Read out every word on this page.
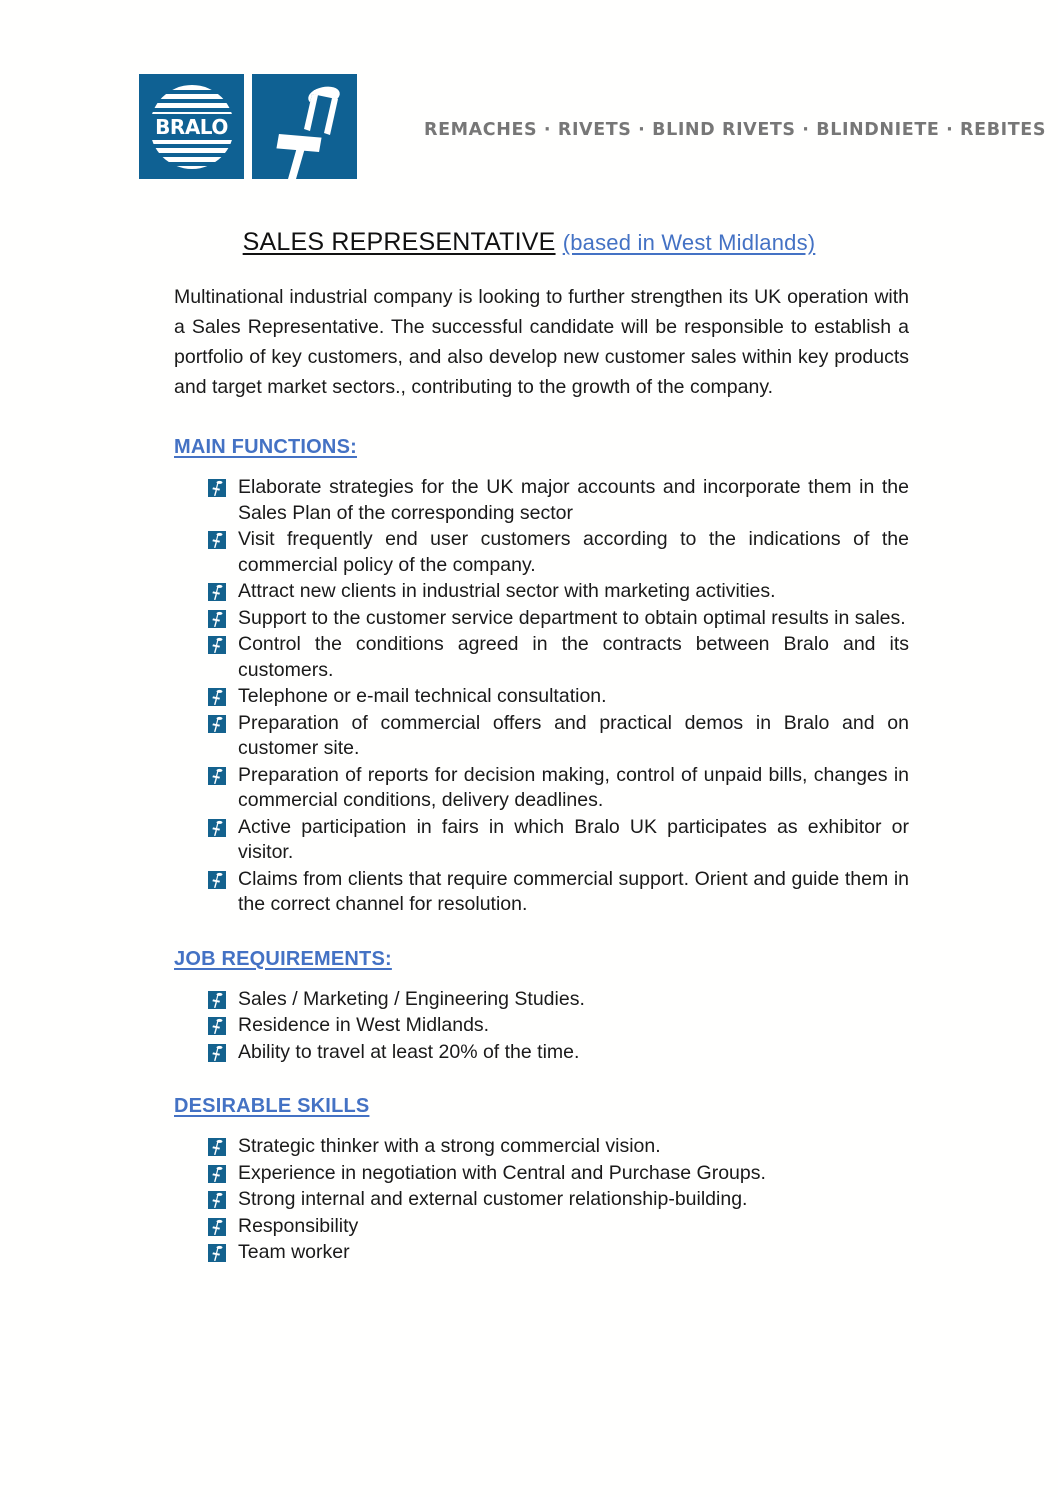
BRALO	REMACHES · RIVETS · BLIND RIVETS · BLINDNIETE · REBITES
SALES REPRESENTATIVE (based in West Midlands)

Multinational industrial company is looking to further strengthen its UK operation with a Sales Representative. The successful candidate will be responsible to establish a portfolio of key customers, and also develop new customer sales within key products and target market sectors., contributing to the growth of the company.

MAIN FUNCTIONS:
Elaborate strategies for the UK major accounts and incorporate them in the Sales Plan of the corresponding sector
Visit frequently end user customers according to the indications of the commercial policy of the company.
Attract new clients in industrial sector with marketing activities.
Support to the customer service department to obtain optimal results in sales.
Control the conditions agreed in the contracts between Bralo and its customers.
Telephone or e-mail technical consultation.
Preparation of commercial offers and practical demos in Bralo and on customer site.
Preparation of reports for decision making, control of unpaid bills, changes in commercial conditions, delivery deadlines.
Active participation in fairs in which Bralo UK participates as exhibitor or visitor.
Claims from clients that require commercial support. Orient and guide them in the correct channel for resolution.
JOB REQUIREMENTS:
Sales / Marketing / Engineering Studies.
Residence in West Midlands.
Ability to travel at least 20% of the time.
DESIRABLE SKILLS
Strategic thinker with a strong commercial vision.
Experience in negotiation with Central and Purchase Groups.
Strong internal and external customer relationship-building.
Responsibility
Team worker
